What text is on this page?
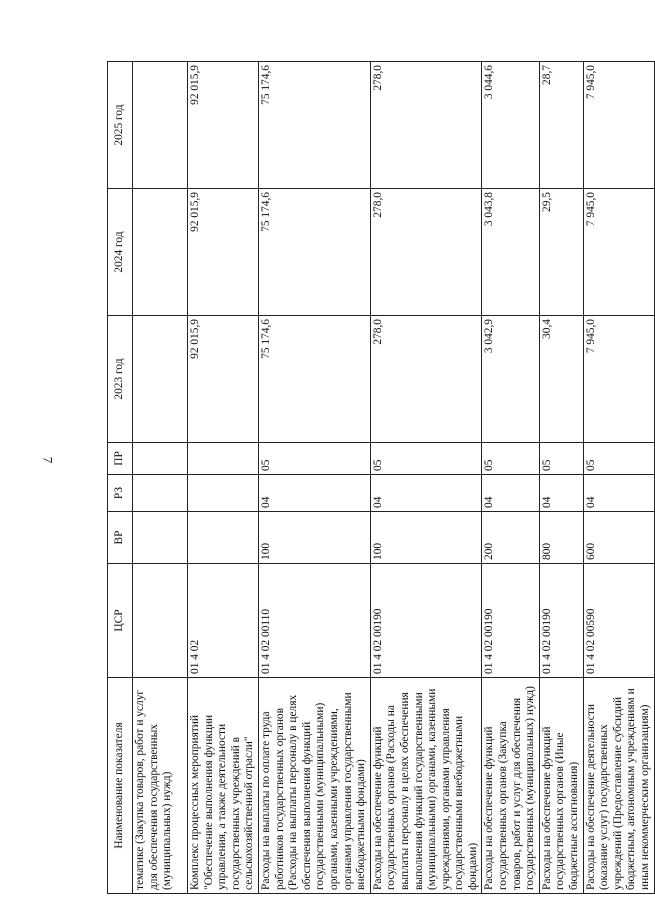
7
Наименование показателя	ЦСР	ВР	РЗ	ПР	2023 год	2024 год	2025 год
тематике (Закупка товаров, работ и услуг для обеспечения государственных (муниципальных) нужд)							
Комплекс процессных мероприятий "Обеспечение выполнения функции управления, а также деятельности государственных учреждений в сельскохозяйственной отрасли"	01 4 02				92 015,9	92 015,9	92 015,9
Расходы на выплаты по оплате труда работников государственных органов (Расходы на выплаты персоналу в целях обеспечения выполнения функций государственными (муниципальными) органами, казенными учреждениями, органами управления государственными внебюджетными фондами)	01 4 02 00110	100	04	05	75 174,6	75 174,6	75 174,6
Расходы на обеспечение функций государственных органов (Расходы на выплаты персоналу в целях обеспечения выполнения функций государственными (муниципальными) органами, казенными учреждениями, органами управления государственными внебюджетными фондами)	01 4 02 00190	100	04	05	278,0	278,0	278,0
Расходы на обеспечение функций государственных органов (Закупка товаров, работ и услуг для обеспечения государственных (муниципальных) нужд)	01 4 02 00190	200	04	05	3 042,9	3 043,8	3 044,6
Расходы на обеспечение функций государственных органов (Иные бюджетные ассигнования)	01 4 02 00190	800	04	05	30,4	29,5	28,7
Расходы на обеспечение деятельности (оказание услуг) государственных учреждений (Предоставление субсидий бюджетным, автономным учреждениям и иным некоммерческим организациям)	01 4 02 00590	600	04	05	7 945,0	7 945,0	7 945,0
